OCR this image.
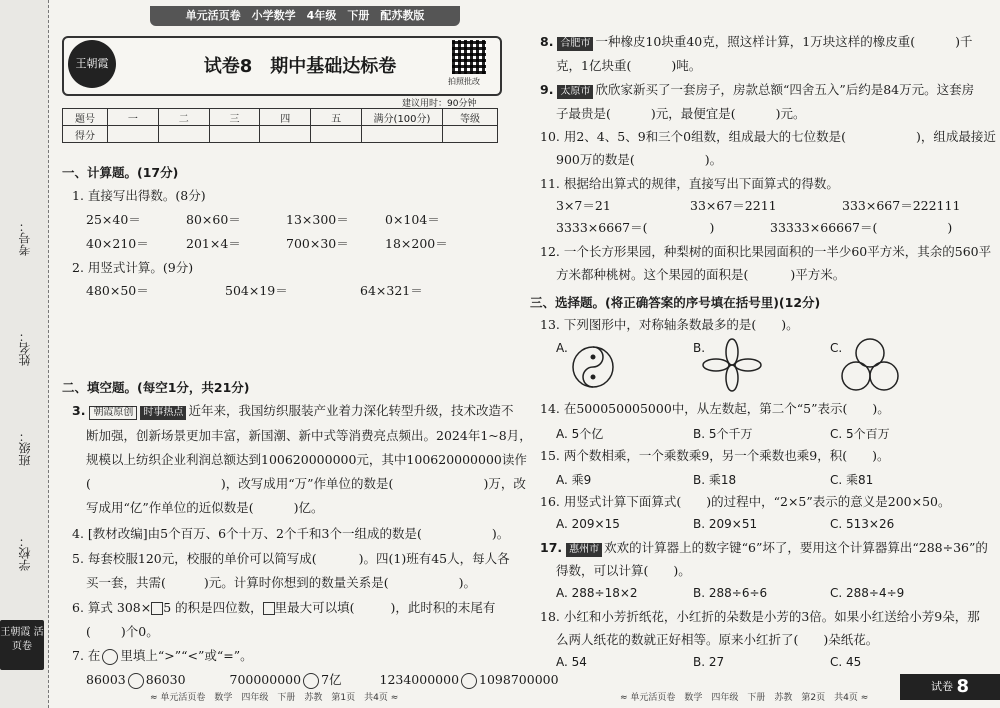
考号：
姓名：
班级：
学校：
王朝霞 活页卷
单元活页卷　小学数学　4年级　下册　配苏教版
王朝霞	试卷8　期中基础达标卷
拍照批改
建议用时：90分钟
题号	一	二	三	四	五	满分(100分)	等级
得分							
一、计算题。(17分)
1. 直接写出得数。(8分)
25×40＝	80×60＝	13×300＝	0×104＝
40×210＝	201×4＝	700×30＝	18×200＝
2. 用竖式计算。(9分)
480×50＝	504×19＝	64×321＝
二、填空题。(每空1分，共21分)
3. 朝霞原创 时事热点 近年来，我国纺织服装产业着力深化转型升级，技术改造不
断加强，创新场景更加丰富，新国潮、新中式等消费亮点频出。2024年1~8月，
规模以上纺织企业利润总额达到100620000000元，其中100620000000读作
(	)，改写成用“万”作单位的数是(	)万，改
写成用“亿”作单位的近似数是(	)亿。
4. [教材改编]由5个百万、6个十万、2个千和3个一组成的数是(	)。
5. 每套校服120元，校服的单价可以简写成(	)。四(1)班有45人，每人各
买一套，共需(	)元。计算时你想到的数量关系是(	)。
6. 算式 308× 5 的积是四位数， 里最大可以填(	)，此时积的末尾有
( )个0。
7. 在 里填上“>”“<”或“=”。
86003 86030	700000000 7亿	1234000000 1098700000
≈ 单元活页卷　数学　四年级　下册　苏教　第1页　共4页 ≈
8. 合肥市 一种橡皮10块重40克，照这样计算，1万块这样的橡皮重(	)千
克，1亿块重(	)吨。
9. 太原市 欣欣家新买了一套房子，房款总额“四舍五入”后约是84万元。这套房
子最贵是(	)元，最便宜是(	)元。
10. 用2、4、5、9和三个0组数，组成最大的七位数是(	)，组成最接近
900万的数是(	)。
11. 根据给出算式的规律，直接写出下面算式的得数。
3×7＝21	33×67＝2211	333×667＝222111
3333×6667＝(	)	33333×66667＝(	)
12. 一个长方形果园，种梨树的面积比果园面积的一半少60平方米，其余的560平
方米都种桃树。这个果园的面积是(	)平方米。
三、选择题。(将正确答案的序号填在括号里)(12分)
13. 下列图形中，对称轴条数最多的是(　　)。
A.	B.	C.
14. 在500050005000中，从左数起，第二个“5”表示(　　)。
A. 5个亿	B. 5个千万	C. 5个百万
15. 两个数相乘，一个乘数乘9，另一个乘数也乘9，积(　　)。
A. 乘9	B. 乘18	C. 乘81
16. 用竖式计算下面算式(　　)的过程中，“2×5”表示的意义是200×50。
A. 209×15	B. 209×51	C. 513×26
17. 惠州市 欢欢的计算器上的数字键“6”坏了，要用这个计算器算出“288÷36”的
得数，可以计算(　　)。
A. 288÷18×2	B. 288÷6÷6	C. 288÷4÷9
18. 小红和小芳折纸花，小红折的朵数是小芳的3倍。如果小红送给小芳9朵，那
么两人纸花的数就正好相等。原来小红折了(　　)朵纸花。
A. 54	B. 27	C. 45
≈ 单元活页卷　数学　四年级　下册　苏教　第2页　共4页 ≈
试卷 8
